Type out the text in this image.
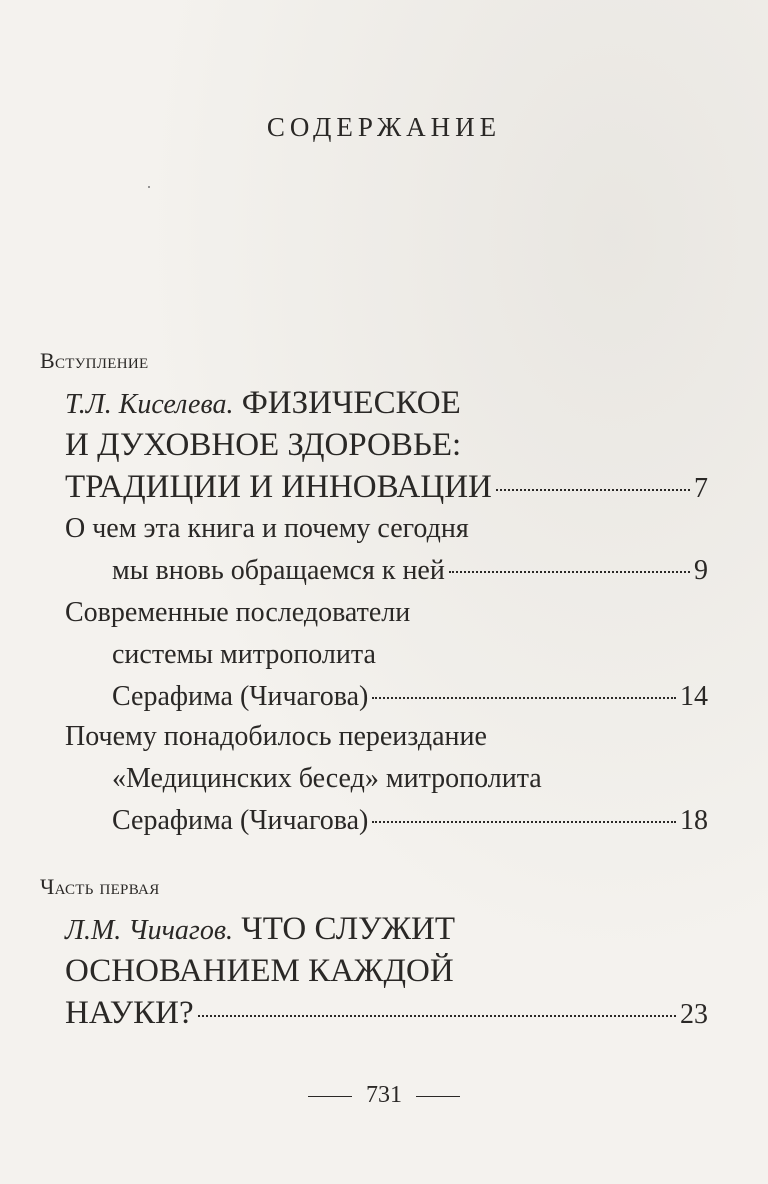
СОДЕРЖАНИЕ
Вступление
Т.Л. Киселева. ФИЗИЧЕСКОЕ
И ДУХОВНОЕ ЗДОРОВЬЕ:
ТРАДИЦИИ И ИННОВАЦИИ	7
О чем эта книга и почему сегодня
мы вновь обращаемся к ней	9
Современные последователи
системы митрополита
Серафима (Чичагова)	14
Почему понадобилось переиздание
«Медицинских бесед» митрополита
Серафима (Чичагова)	18
Часть первая
Л.М. Чичагов. ЧТО СЛУЖИТ
ОСНОВАНИЕМ КАЖДОЙ
НАУКИ?	23
731
